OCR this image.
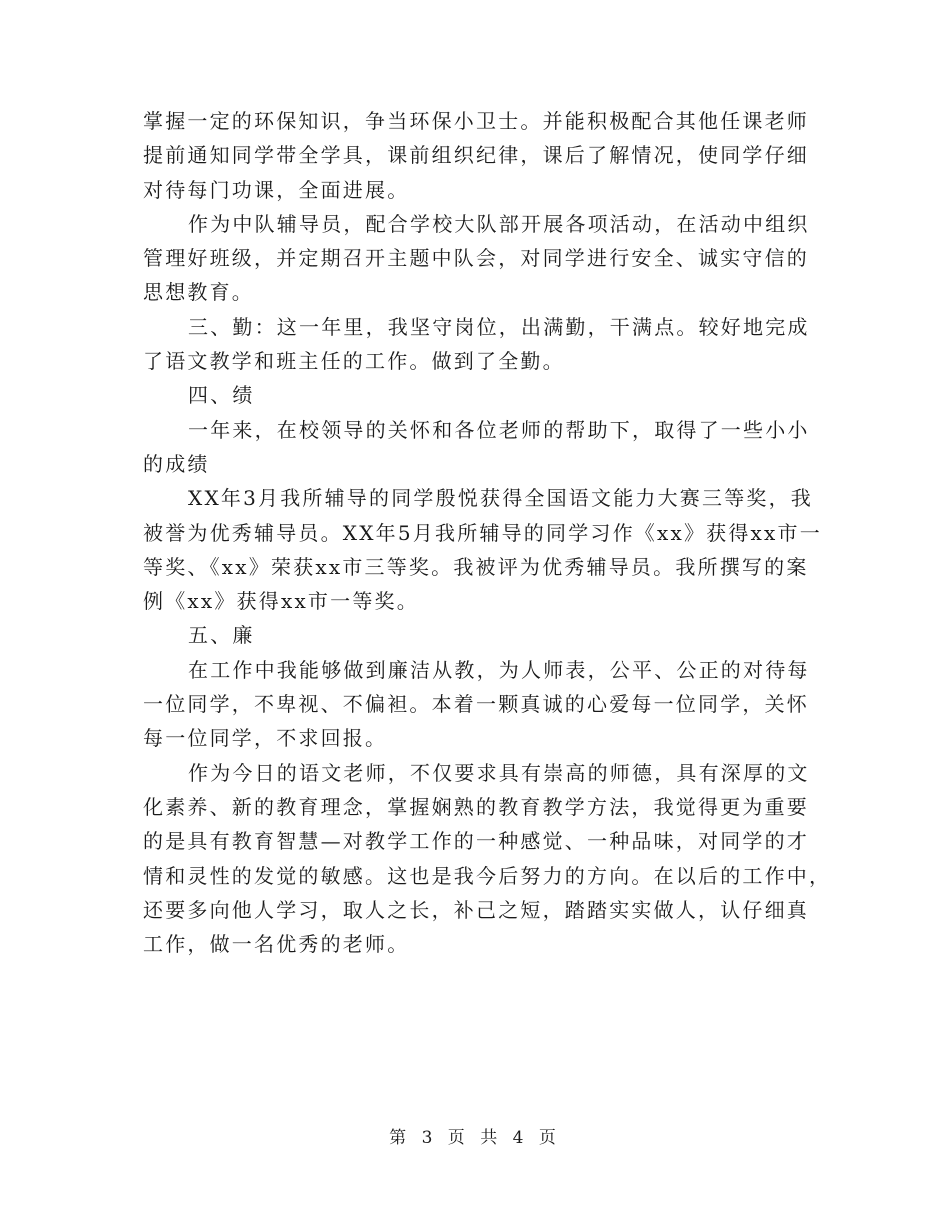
掌握一定的环保知识，争当环保小卫士。并能积极配合其他任课老师
提前通知同学带全学具，课前组织纪律，课后了解情况，使同学仔细
对待每门功课，全面进展。
作为中队辅导员，配合学校大队部开展各项活动，在活动中组织
管理好班级，并定期召开主题中队会，对同学进行安全、诚实守信的
思想教育。
三、勤：这一年里，我坚守岗位，出满勤，干满点。较好地完成
了语文教学和班主任的工作。做到了全勤。
四、绩
一年来，在校领导的关怀和各位老师的帮助下，取得了一些小小
的成绩
XX年3月我所辅导的同学殷悦获得全国语文能力大赛三等奖，我
被誉为优秀辅导员。XX年5月我所辅导的同学习作《xx》获得xx市一
等奖、《xx》荣获xx市三等奖。我被评为优秀辅导员。我所撰写的案
例《xx》获得xx市一等奖。
五、廉
在工作中我能够做到廉洁从教，为人师表，公平、公正的对待每
一位同学，不卑视、不偏袒。本着一颗真诚的心爱每一位同学，关怀
每一位同学，不求回报。
作为今日的语文老师，不仅要求具有崇高的师德，具有深厚的文
化素养、新的教育理念，掌握娴熟的教育教学方法，我觉得更为重要
的是具有教育智慧—对教学工作的一种感觉、一种品味，对同学的才
情和灵性的发觉的敏感。这也是我今后努力的方向。在以后的工作中，
还要多向他人学习，取人之长，补己之短，踏踏实实做人，认仔细真
工作，做一名优秀的老师。
第 3 页 共 4 页
